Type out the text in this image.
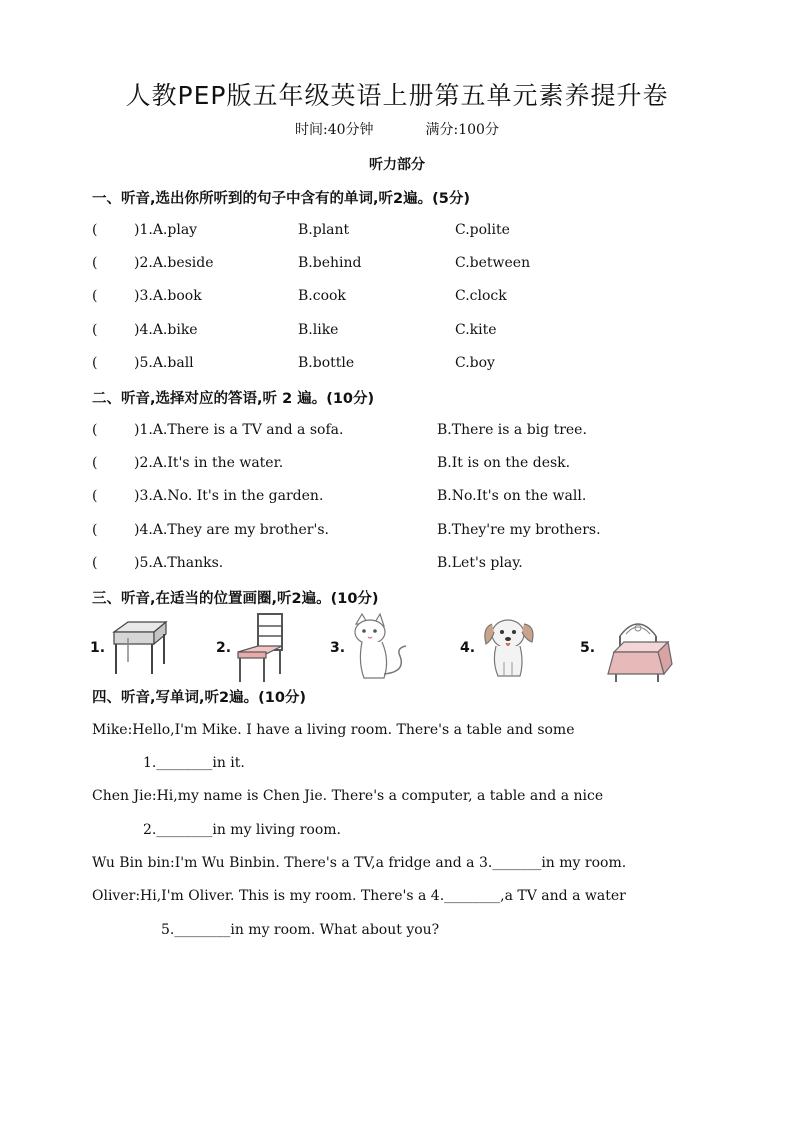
人教PEP版五年级英语上册第五单元素养提升卷
时间:40分钟	满分:100分
听力部分
一、听音,选出你所听到的句子中含有的单词,听2遍。(5分)
(	)1.A.play	B.plant	C.polite
(	)2.A.beside	B.behind	C.between
(	)3.A.book	B.cook	C.clock
(	)4.A.bike	B.like	C.kite
(	)5.A.ball	B.bottle	C.boy
二、听音,选择对应的答语,听 2 遍。(10分)
(	)1.A.There is a TV and a sofa.	B.There is a big tree.
(	)2.A.It's in the water.	B.It is on the desk.
(	)3.A.No. It's in the garden.	B.No.It's on the wall.
(	)4.A.They are my brother's.	B.They're my brothers.
(	)5.A.Thanks.	B.Let's play.
三、听音,在适当的位置画圈,听2遍。(10分)
1.	2.	3.	4.	5.
四、听音,写单词,听2遍。(10分)
Mike:Hello,I'm Mike. I have a living room. There's a table and some
1.________in it.
Chen Jie:Hi,my name is Chen Jie. There's a computer, a table and a nice
2.________in my living room.
Wu Bin bin:I'm Wu Binbin. There's a TV,a fridge and a 3._______in my room.
Oliver:Hi,I'm Oliver. This is my room. There's a 4.________,a TV and a water
5.________in my room. What about you?
